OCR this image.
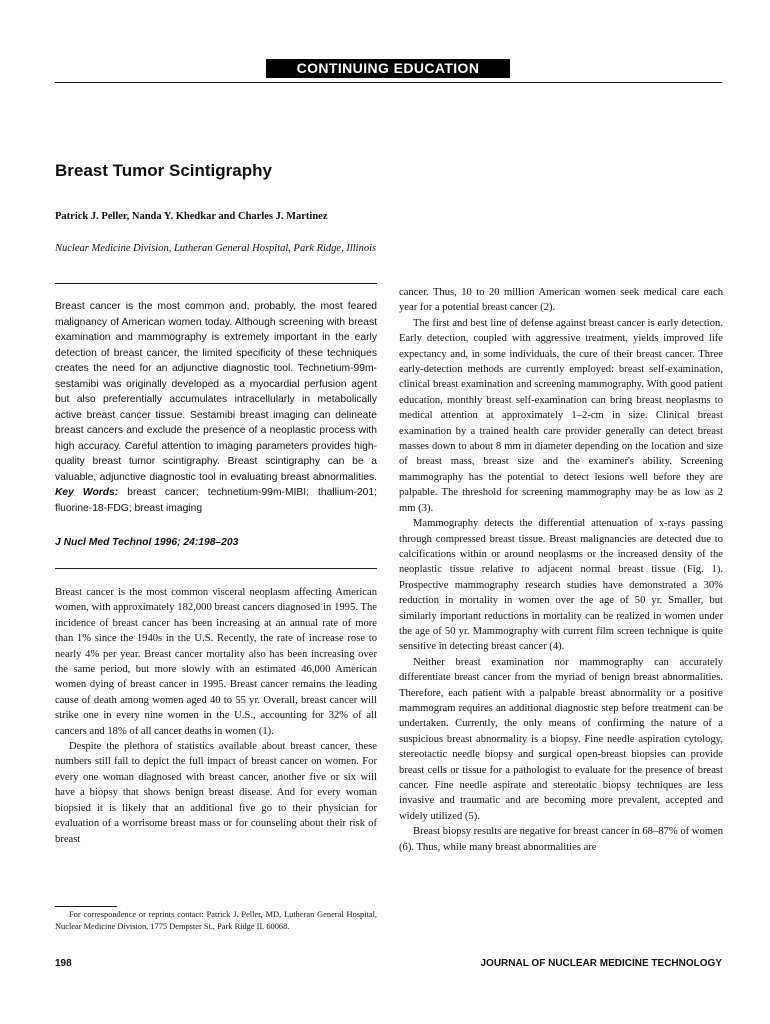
CONTINUING EDUCATION
Breast Tumor Scintigraphy
Patrick J. Peller, Nanda Y. Khedkar and Charles J. Martinez
Nuclear Medicine Division, Lutheran General Hospital, Park Ridge, Illinois
Breast cancer is the most common and, probably, the most feared malignancy of American women today. Although screening with breast examination and mammography is extremely important in the early detection of breast cancer, the limited specificity of these techniques creates the need for an adjunctive diagnostic tool. Technetium-99m-sestamibi was originally developed as a myocardial perfusion agent but also preferentially accumulates intracellularly in metabolically active breast cancer tissue. Sestamibi breast imaging can delineate breast cancers and exclude the presence of a neoplastic process with high accuracy. Careful attention to imaging parameters provides high-quality breast tumor scintigraphy. Breast scintigraphy can be a valuable, adjunctive diagnostic tool in evaluating breast abnormalities. Key Words: breast cancer; technetium-99m-MIBI; thallium-201; fluorine-18-FDG; breast imaging
J Nucl Med Technol 1996; 24:198–203

Breast cancer is the most common visceral neoplasm affecting American women, with approximately 182,000 breast cancers diagnosed in 1995. The incidence of breast cancer has been increasing at an annual rate of more than 1% since the 1940s in the U.S. Recently, the rate of increase rose to nearly 4% per year. Breast cancer mortality also has been increasing over the same period, but more slowly with an estimated 46,000 American women dying of breast cancer in 1995. Breast cancer remains the leading cause of death among women aged 40 to 55 yr. Overall, breast cancer will strike one in every nine women in the U.S., accounting for 32% of all cancers and 18% of all cancer deaths in women (1).

Despite the plethora of statistics available about breast cancer, these numbers still fail to depict the full impact of breast cancer on women. For every one woman diagnosed with breast cancer, another five or six will have a biopsy that shows benign breast disease. And for every woman biopsied it is likely that an additional five go to their physician for evaluation of a worrisome breast mass or for counseling about their risk of breast

cancer. Thus, 10 to 20 million American women seek medical care each year for a potential breast cancer (2).

The first and best line of defense against breast cancer is early detection. Early detection, coupled with aggressive treatment, yields improved life expectancy and, in some individuals, the cure of their breast cancer. Three early-detection methods are currently employed: breast self-examination, clinical breast examination and screening mammography. With good patient education, monthly breast self-examination can bring breast neoplasms to medical attention at approximately 1–2-cm in size. Clinical breast examination by a trained health care provider generally can detect breast masses down to about 8 mm in diameter depending on the location and size of breast mass, breast size and the examiner's ability. Screening mammography has the potential to detect lesions well before they are palpable. The threshold for screening mammography may be as low as 2 mm (3).

Mammography detects the differential attenuation of x-rays passing through compressed breast tissue. Breast malignancies are detected due to calcifications within or around neoplasms or the increased density of the neoplastic tissue relative to adjacent normal breast tissue (Fig. 1). Prospective mammography research studies have demonstrated a 30% reduction in mortality in women over the age of 50 yr. Smaller, but similarly important reductions in mortality can be realized in women under the age of 50 yr. Mammography with current film screen technique is quite sensitive in detecting breast cancer (4).

Neither breast examination nor mammography can accurately differentiate breast cancer from the myriad of benign breast abnormalities. Therefore, each patient with a palpable breast abnormality or a positive mammogram requires an additional diagnostic step before treatment can be undertaken. Currently, the only means of confirming the nature of a suspicious breast abnormality is a biopsy. Fine needle aspiration cytology, stereotactic needle biopsy and surgical open-breast biopsies can provide breast cells or tissue for a pathologist to evaluate for the presence of breast cancer. Fine needle aspirate and stereotatic biopsy techniques are less invasive and traumatic and are becoming more prevalent, accepted and widely utilized (5).

Breast biopsy results are negative for breast cancer in 68–87% of women (6). Thus, while many breast abnormalities are

For correspondence or reprints contact: Patrick J. Peller, MD, Lutheran General Hospital, Nuclear Medicine Division, 1775 Dempster St., Park Ridge IL 60068.
198	JOURNAL OF NUCLEAR MEDICINE TECHNOLOGY
